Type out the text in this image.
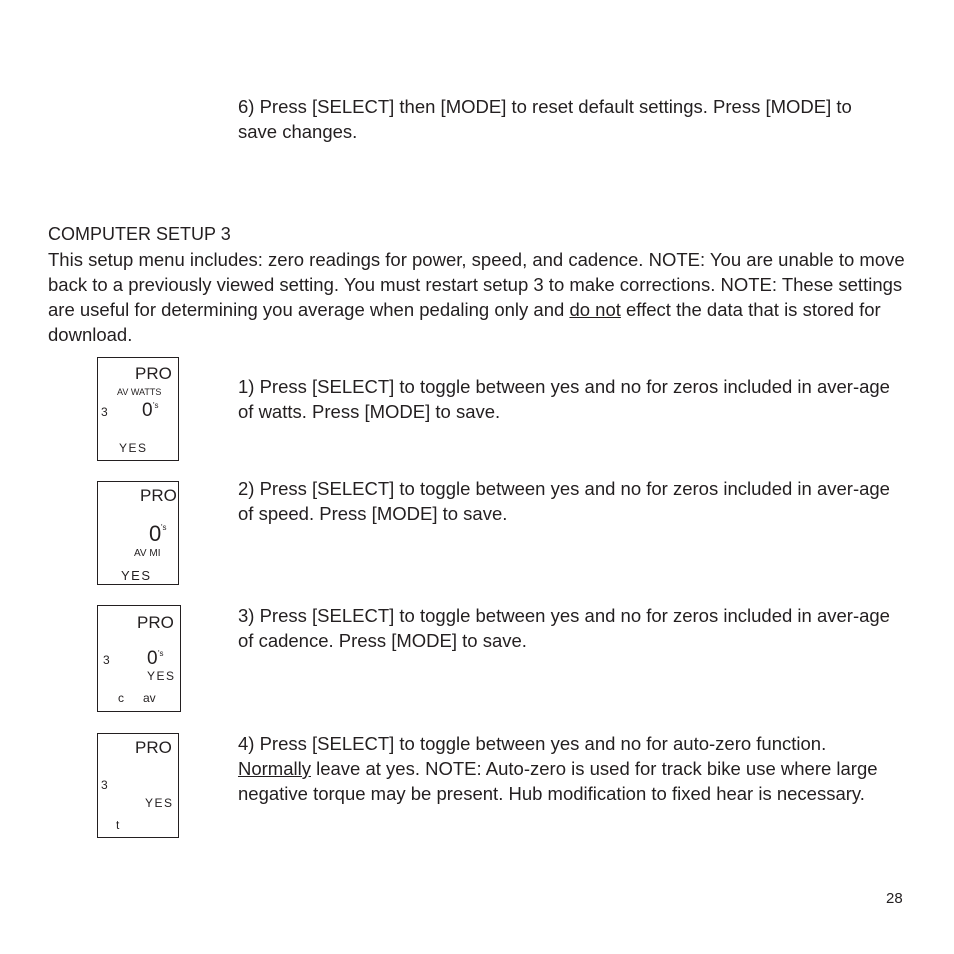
6) Press [SELECT] then [MODE] to reset default settings. Press [MODE] to save changes.

COMPUTER SETUP 3

This setup menu includes: zero readings for power, speed, and cadence. NOTE: You are unable to move back to a previously viewed setting. You must restart setup 3 to make corrections. NOTE: These settings are useful for determining you average when pedaling only and do not effect the data that is stored for download.

PRO
AV WATTS
3 0 's
YES

1) Press [SELECT] to toggle between yes and no for zeros included in aver-age of watts. Press [MODE] to save.

PRO
0 's
AV MI
YES

2) Press [SELECT] to toggle between yes and no for zeros included in aver-age of speed. Press [MODE] to save.

PRO
3 0 's
YES
c av

3) Press [SELECT] to toggle between yes and no for zeros included in aver-age of cadence. Press [MODE] to save.

PRO
3
YES
t

4) Press [SELECT] to toggle between yes and no for auto-zero function. Normally leave at yes. NOTE: Auto-zero is used for track bike use where large negative torque may be present. Hub modification to fixed hear is necessary.

28
